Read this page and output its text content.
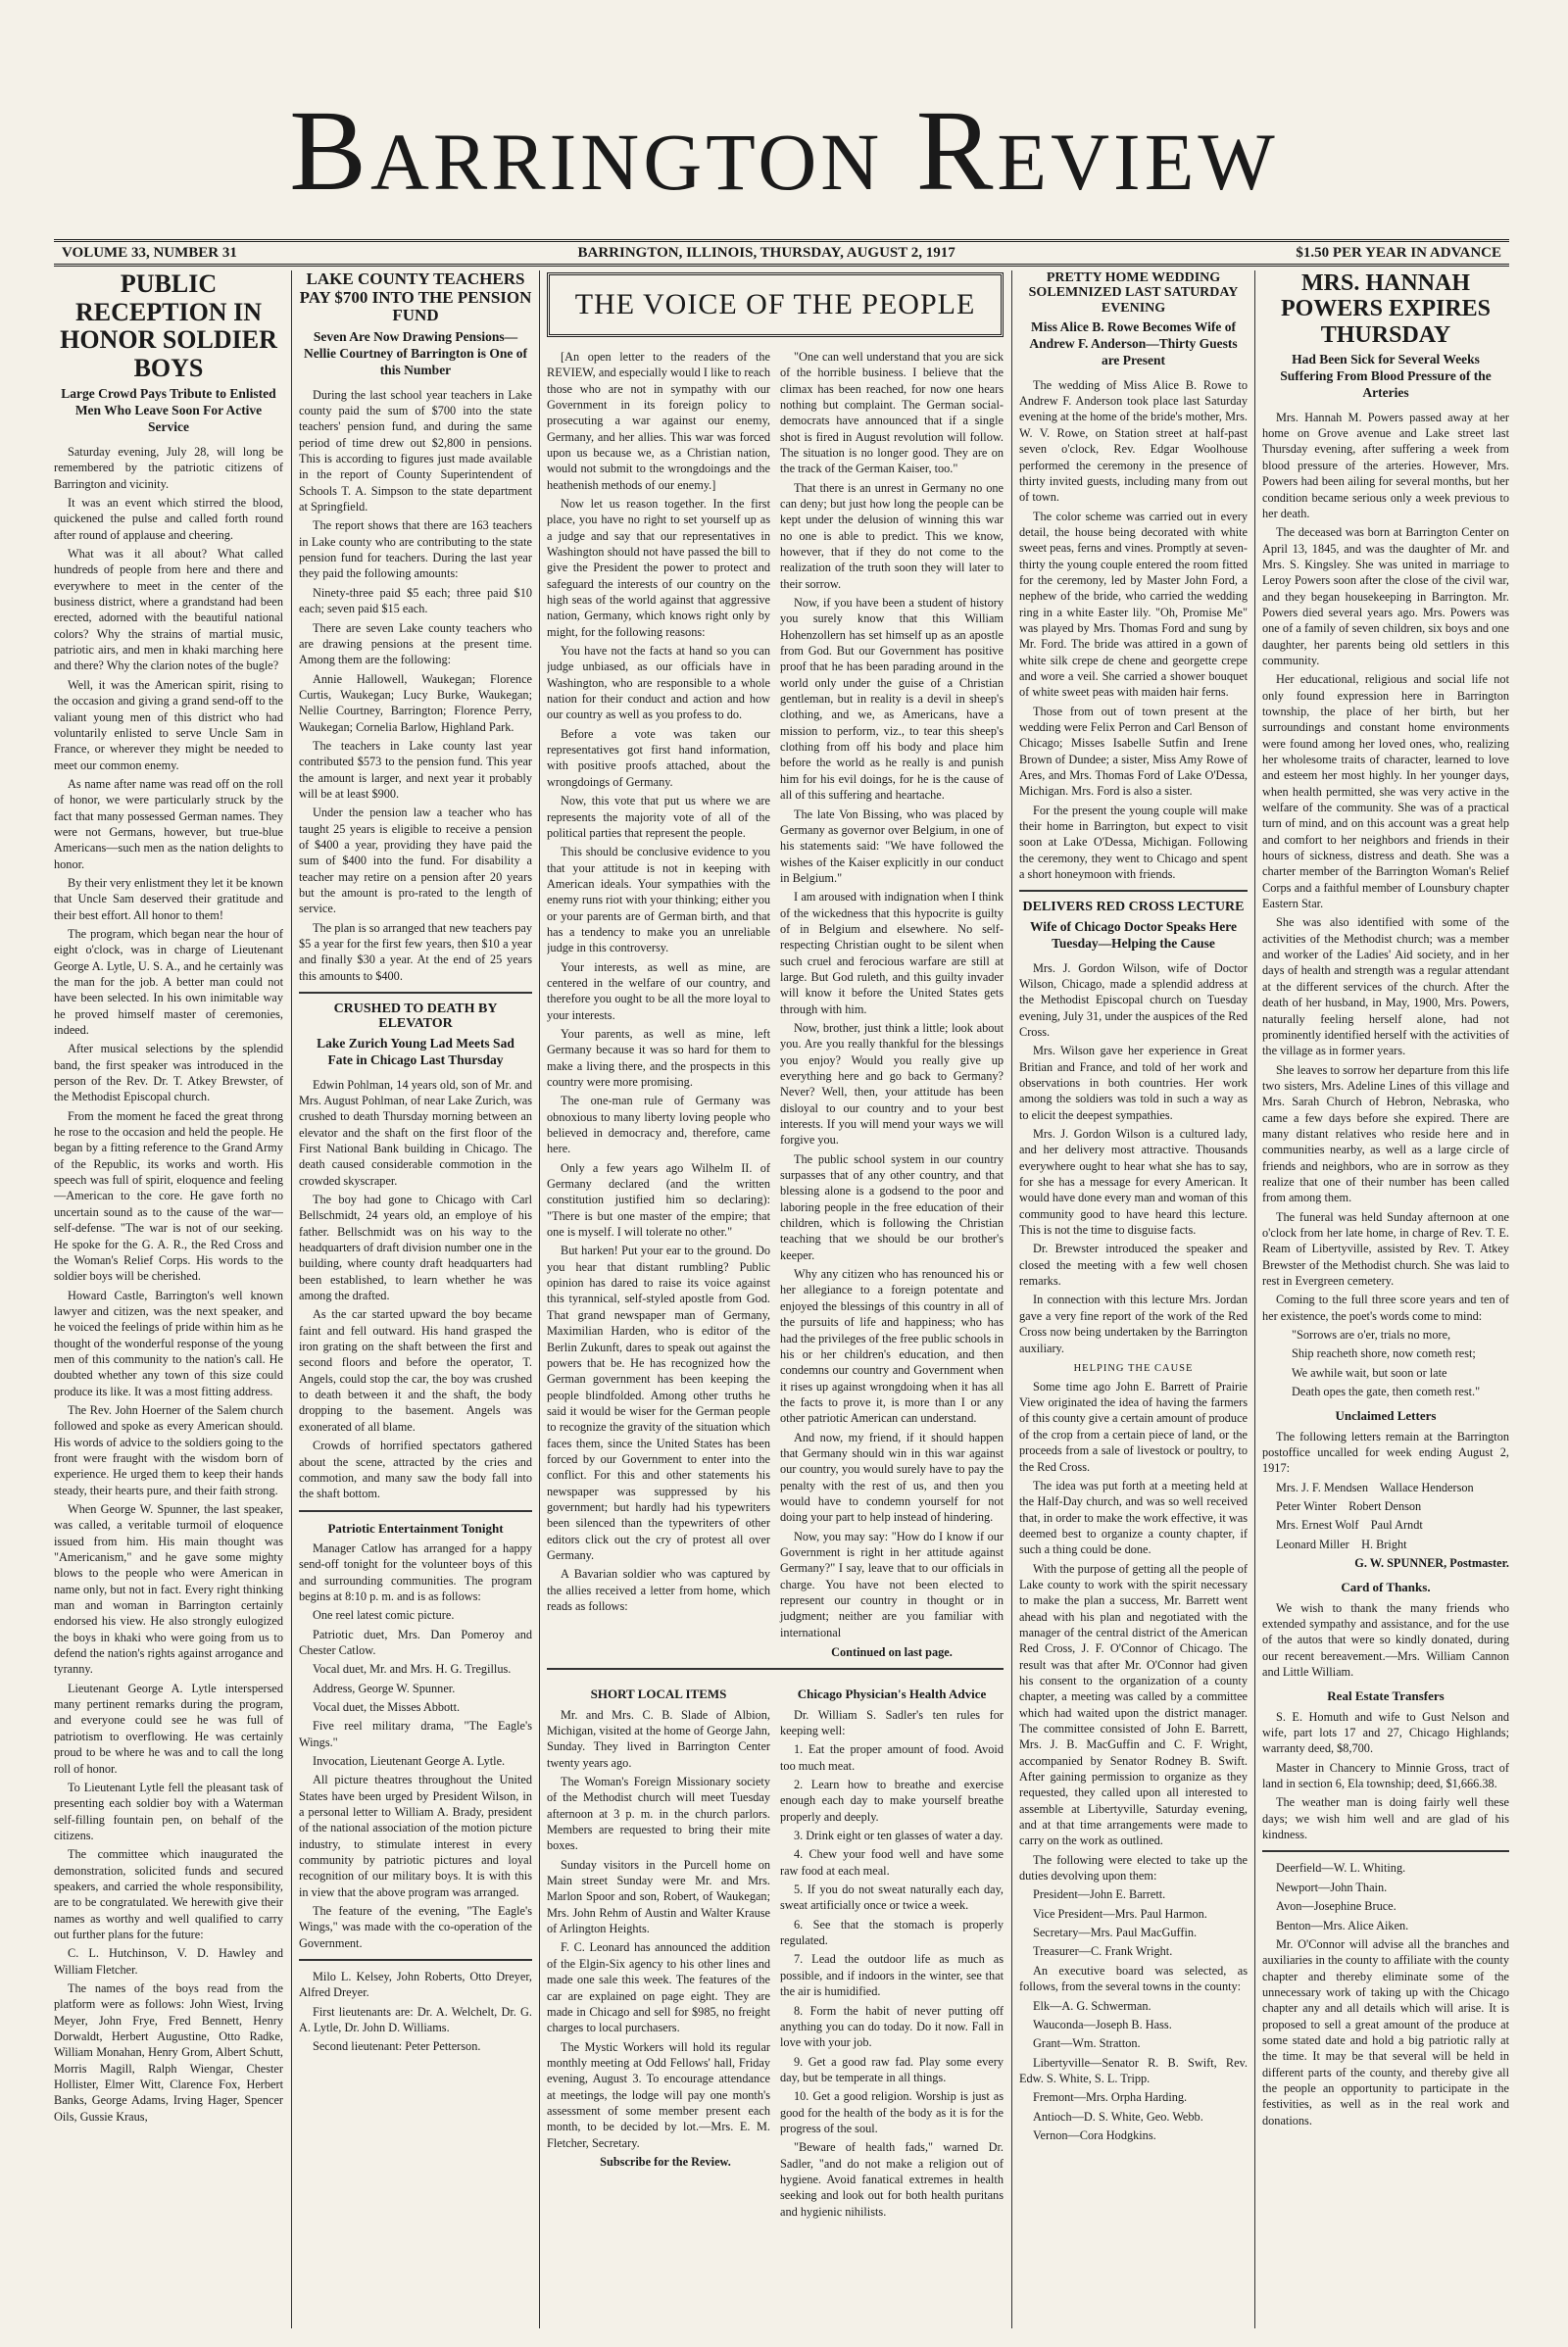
Barrington Review
VOLUME 33, NUMBER 31	BARRINGTON, ILLINOIS, THURSDAY, AUGUST 2, 1917	$1.50 PER YEAR IN ADVANCE
PUBLIC RECEPTION IN HONOR SOLDIER BOYS
Large Crowd Pays Tribute to Enlisted Men Who Leave Soon For Active Service

Saturday evening, July 28, will long be remembered by the patriotic citizens of Barrington and vicinity.

It was an event which stirred the blood, quickened the pulse and called forth round after round of applause and cheering.

What was it all about? What called hundreds of people from here and there and everywhere to meet in the center of the business district, where a grandstand had been erected, adorned with the beautiful national colors? Why the strains of martial music, patriotic airs, and men in khaki marching here and there? Why the clarion notes of the bugle?

Well, it was the American spirit, rising to the occasion and giving a grand send-off to the valiant young men of this district who had voluntarily enlisted to serve Uncle Sam in France, or wherever they might be needed to meet our common enemy.

As name after name was read off on the roll of honor, we were particularly struck by the fact that many possessed German names. They were not Germans, however, but true-blue Americans—such men as the nation delights to honor.

By their very enlistment they let it be known that Uncle Sam deserved their gratitude and their best effort. All honor to them!

The program, which began near the hour of eight o'clock, was in charge of Lieutenant George A. Lytle, U. S. A., and he certainly was the man for the job. A better man could not have been selected. In his own inimitable way he proved himself master of ceremonies, indeed.

After musical selections by the splendid band, the first speaker was introduced in the person of the Rev. Dr. T. Atkey Brewster, of the Methodist Episcopal church.

From the moment he faced the great throng he rose to the occasion and held the people. He began by a fitting reference to the Grand Army of the Republic, its works and worth. His speech was full of spirit, eloquence and feeling—American to the core. He gave forth no uncertain sound as to the cause of the war—self-defense. "The war is not of our seeking. He spoke for the G. A. R., the Red Cross and the Woman's Relief Corps. His words to the soldier boys will be cherished.

Howard Castle, Barrington's well known lawyer and citizen, was the next speaker, and he voiced the feelings of pride within him as he thought of the wonderful response of the young men of this community to the nation's call. He doubted whether any town of this size could produce its like. It was a most fitting address.

The Rev. John Hoerner of the Salem church followed and spoke as every American should. His words of advice to the soldiers going to the front were fraught with the wisdom born of experience. He urged them to keep their hands steady, their hearts pure, and their faith strong.

When George W. Spunner, the last speaker, was called, a veritable turmoil of eloquence issued from him. His main thought was "Americanism," and he gave some mighty blows to the people who were American in name only, but not in fact. Every right thinking man and woman in Barrington certainly endorsed his view. He also strongly eulogized the boys in khaki who were going from us to defend the nation's rights against arrogance and tyranny.

Lieutenant George A. Lytle interspersed many pertinent remarks during the program, and everyone could see he was full of patriotism to overflowing. He was certainly proud to be where he was and to call the long roll of honor.

To Lieutenant Lytle fell the pleasant task of presenting each soldier boy with a Waterman self-filling fountain pen, on behalf of the citizens.

The committee which inaugurated the demonstration, solicited funds and secured speakers, and carried the whole responsibility, are to be congratulated. We herewith give their names as worthy and well qualified to carry out further plans for the future:

C. L. Hutchinson, V. D. Hawley and William Fletcher.

The names of the boys read from the platform were as follows: John Wiest, Irving Meyer, John Frye, Fred Bennett, Henry Dorwaldt, Herbert Augustine, Otto Radke, William Monahan, Henry Grom, Albert Schutt, Morris Magill, Ralph Wiengar, Chester Hollister, Elmer Witt, Clarence Fox, Herbert Banks, George Adams, Irving Hager, Spencer Oils, Gussie Kraus,

LAKE COUNTY TEACHERS PAY $700 INTO THE PENSION FUND
Seven Are Now Drawing Pensions—Nellie Courtney of Barrington is One of this Number

During the last school year teachers in Lake county paid the sum of $700 into the state teachers' pension fund, and during the same period of time drew out $2,800 in pensions. This is according to figures just made available in the report of County Superintendent of Schools T. A. Simpson to the state department at Springfield.

The report shows that there are 163 teachers in Lake county who are contributing to the state pension fund for teachers. During the last year they paid the following amounts:

Ninety-three paid $5 each; three paid $10 each; seven paid $15 each.

There are seven Lake county teachers who are drawing pensions at the present time. Among them are the following:

Annie Hallowell, Waukegan; Florence Curtis, Waukegan; Lucy Burke, Waukegan; Nellie Courtney, Barrington; Florence Perry, Waukegan; Cornelia Barlow, Highland Park.

The teachers in Lake county last year contributed $573 to the pension fund. This year the amount is larger, and next year it probably will be at least $900.

Under the pension law a teacher who has taught 25 years is eligible to receive a pension of $400 a year, providing they have paid the sum of $400 into the fund. For disability a teacher may retire on a pension after 20 years but the amount is pro-rated to the length of service.

The plan is so arranged that new teachers pay $5 a year for the first few years, then $10 a year and finally $30 a year. At the end of 25 years this amounts to $400.

CRUSHED TO DEATH BY ELEVATOR
Lake Zurich Young Lad Meets Sad Fate in Chicago Last Thursday

Edwin Pohlman, 14 years old, son of Mr. and Mrs. August Pohlman, of near Lake Zurich, was crushed to death Thursday morning between an elevator and the shaft on the first floor of the First National Bank building in Chicago. The death caused considerable commotion in the crowded skyscraper.

The boy had gone to Chicago with Carl Bellschmidt, 24 years old, an employe of his father. Bellschmidt was on his way to the headquarters of draft division number one in the building, where county draft headquarters had been established, to learn whether he was among the drafted.

As the car started upward the boy became faint and fell outward. His hand grasped the iron grating on the shaft between the first and second floors and before the operator, T. Angels, could stop the car, the boy was crushed to death between it and the shaft, the body dropping to the basement. Angels was exonerated of all blame.

Crowds of horrified spectators gathered about the scene, attracted by the cries and commotion, and many saw the body fall into the shaft bottom.

Patriotic Entertainment Tonight

Manager Catlow has arranged for a happy send-off tonight for the volunteer boys of this and surrounding communities. The program begins at 8:10 p. m. and is as follows:

One reel latest comic picture.

Patriotic duet, Mrs. Dan Pomeroy and Chester Catlow.

Vocal duet, Mr. and Mrs. H. G. Tregillus.

Address, George W. Spunner.

Vocal duet, the Misses Abbott.

Five reel military drama, "The Eagle's Wings."

Invocation, Lieutenant George A. Lytle.

All picture theatres throughout the United States have been urged by President Wilson, in a personal letter to William A. Brady, president of the national association of the motion picture industry, to stimulate interest in every community by patriotic pictures and loyal recognition of our military boys. It is with this in view that the above program was arranged.

The feature of the evening, "The Eagle's Wings," was made with the co-operation of the Government.

Milo L. Kelsey, John Roberts, Otto Dreyer, Alfred Dreyer.

First lieutenants are: Dr. A. Welchelt, Dr. G. A. Lytle, Dr. John D. Williams.

Second lieutenant: Peter Petterson.

THE VOICE OF THE PEOPLE

[An open letter to the readers of the REVIEW, and especially would I like to reach those who are not in sympathy with our Government in its foreign policy to prosecuting a war against our enemy, Germany, and her allies. This war was forced upon us because we, as a Christian nation, would not submit to the wrongdoings and the heathenish methods of our enemy.]

Now let us reason together. In the first place, you have no right to set yourself up as a judge and say that our representatives in Washington should not have passed the bill to give the President the power to protect and safeguard the interests of our country on the high seas of the world against that aggressive nation, Germany, which knows right only by might, for the following reasons:

You have not the facts at hand so you can judge unbiased, as our officials have in Washington, who are responsible to a whole nation for their conduct and action and how our country as well as you profess to do.

Before a vote was taken our representatives got first hand information, with positive proofs attached, about the wrongdoings of Germany.

Now, this vote that put us where we are represents the majority vote of all of the political parties that represent the people.

This should be conclusive evidence to you that your attitude is not in keeping with American ideals. Your sympathies with the enemy runs riot with your thinking; either you or your parents are of German birth, and that has a tendency to make you an unreliable judge in this controversy.

Your interests, as well as mine, are centered in the welfare of our country, and therefore you ought to be all the more loyal to your interests.

Your parents, as well as mine, left Germany because it was so hard for them to make a living there, and the prospects in this country were more promising.

The one-man rule of Germany was obnoxious to many liberty loving people who believed in democracy and, therefore, came here.

Only a few years ago Wilhelm II. of Germany declared (and the written constitution justified him so declaring): "There is but one master of the empire; that one is myself. I will tolerate no other."

But harken! Put your ear to the ground. Do you hear that distant rumbling? Public opinion has dared to raise its voice against this tyrannical, self-styled apostle from God. That grand newspaper man of Germany, Maximilian Harden, who is editor of the Berlin Zukunft, dares to speak out against the powers that be. He has recognized how the German government has been keeping the people blindfolded. Among other truths he said it would be wiser for the German people to recognize the gravity of the situation which faces them, since the United States has been forced by our Government to enter into the conflict. For this and other statements his newspaper was suppressed by his government; but hardly had his typewriters been silenced than the typewriters of other editors click out the cry of protest all over Germany.

A Bavarian soldier who was captured by the allies received a letter from home, which reads as follows:

"One can well understand that you are sick of the horrible business. I believe that the climax has been reached, for now one hears nothing but complaint. The German social-democrats have announced that if a single shot is fired in August revolution will follow. The situation is no longer good. They are on the track of the German Kaiser, too."

That there is an unrest in Germany no one can deny; but just how long the people can be kept under the delusion of winning this war no one is able to predict. This we know, however, that if they do not come to the realization of the truth soon they will later to their sorrow.

Now, if you have been a student of history you surely know that this William Hohenzollern has set himself up as an apostle from God. But our Government has positive proof that he has been parading around in the world only under the guise of a Christian gentleman, but in reality is a devil in sheep's clothing, and we, as Americans, have a mission to perform, viz., to tear this sheep's clothing from off his body and place him before the world as he really is and punish him for his evil doings, for he is the cause of all of this suffering and heartache.

The late Von Bissing, who was placed by Germany as governor over Belgium, in one of his statements said: "We have followed the wishes of the Kaiser explicitly in our conduct in Belgium."

I am aroused with indignation when I think of the wickedness that this hypocrite is guilty of in Belgium and elsewhere. No self-respecting Christian ought to be silent when such cruel and ferocious warfare are still at large. But God ruleth, and this guilty invader will know it before the United States gets through with him.

Now, brother, just think a little; look about you. Are you really thankful for the blessings you enjoy? Would you really give up everything here and go back to Germany? Never? Well, then, your attitude has been disloyal to our country and to your best interests. If you will mend your ways we will forgive you.

The public school system in our country surpasses that of any other country, and that blessing alone is a godsend to the poor and laboring people in the free education of their children, which is following the Christian teaching that we should be our brother's keeper.

Why any citizen who has renounced his or her allegiance to a foreign potentate and enjoyed the blessings of this country in all of the pursuits of life and happiness; who has had the privileges of the free public schools in his or her children's education, and then condemns our country and Government when it rises up against wrongdoing when it has all the facts to prove it, is more than I or any other patriotic American can understand.

And now, my friend, if it should happen that Germany should win in this war against our country, you would surely have to pay the penalty with the rest of us, and then you would have to condemn yourself for not doing your part to help instead of hindering.

Now, you may say: "How do I know if our Government is right in her attitude against Germany?" I say, leave that to our officials in charge. You have not been elected to represent our country in thought or in judgment; neither are you familiar with international

Continued on last page.
SHORT LOCAL ITEMS

Mr. and Mrs. C. B. Slade of Albion, Michigan, visited at the home of George Jahn, Sunday. They lived in Barrington Center twenty years ago.

The Woman's Foreign Missionary society of the Methodist church will meet Tuesday afternoon at 3 p. m. in the church parlors. Members are requested to bring their mite boxes.

Sunday visitors in the Purcell home on Main street Sunday were Mr. and Mrs. Marlon Spoor and son, Robert, of Waukegan; Mrs. John Rehm of Austin and Walter Krause of Arlington Heights.

F. C. Leonard has announced the addition of the Elgin-Six agency to his other lines and made one sale this week. The features of the car are explained on page eight. They are made in Chicago and sell for $985, no freight charges to local purchasers.

The Mystic Workers will hold its regular monthly meeting at Odd Fellows' hall, Friday evening, August 3. To encourage attendance at meetings, the lodge will pay one month's assessment of some member present each month, to be decided by lot.—Mrs. E. M. Fletcher, Secretary.

Subscribe for the Review.

Chicago Physician's Health Advice

Dr. William S. Sadler's ten rules for keeping well:

1. Eat the proper amount of food. Avoid too much meat.

2. Learn how to breathe and exercise enough each day to make yourself breathe properly and deeply.

3. Drink eight or ten glasses of water a day.

4. Chew your food well and have some raw food at each meal.

5. If you do not sweat naturally each day, sweat artificially once or twice a week.

6. See that the stomach is properly regulated.

7. Lead the outdoor life as much as possible, and if indoors in the winter, see that the air is humidified.

8. Form the habit of never putting off anything you can do today. Do it now. Fall in love with your job.

9. Get a good raw fad. Play some every day, but be temperate in all things.

10. Get a good religion. Worship is just as good for the health of the body as it is for the progress of the soul.

"Beware of health fads," warned Dr. Sadler, "and do not make a religion out of hygiene. Avoid fanatical extremes in health seeking and look out for both health puritans and hygienic nihilists.

PRETTY HOME WEDDING SOLEMNIZED LAST SATURDAY EVENING
Miss Alice B. Rowe Becomes Wife of Andrew F. Anderson—Thirty Guests are Present

The wedding of Miss Alice B. Rowe to Andrew F. Anderson took place last Saturday evening at the home of the bride's mother, Mrs. W. V. Rowe, on Station street at half-past seven o'clock, Rev. Edgar Woolhouse performed the ceremony in the presence of thirty invited guests, including many from out of town.

The color scheme was carried out in every detail, the house being decorated with white sweet peas, ferns and vines. Promptly at seven-thirty the young couple entered the room fitted for the ceremony, led by Master John Ford, a nephew of the bride, who carried the wedding ring in a white Easter lily. "Oh, Promise Me" was played by Mrs. Thomas Ford and sung by Mr. Ford. The bride was attired in a gown of white silk crepe de chene and georgette crepe and wore a veil. She carried a shower bouquet of white sweet peas with maiden hair ferns.

Those from out of town present at the wedding were Felix Perron and Carl Benson of Chicago; Misses Isabelle Sutfin and Irene Brown of Dundee; a sister, Miss Amy Rowe of Ares, and Mrs. Thomas Ford of Lake O'Dessa, Michigan. Mrs. Ford is also a sister.

For the present the young couple will make their home in Barrington, but expect to visit soon at Lake O'Dessa, Michigan. Following the ceremony, they went to Chicago and spent a short honeymoon with friends.

DELIVERS RED CROSS LECTURE
Wife of Chicago Doctor Speaks Here Tuesday—Helping the Cause

Mrs. J. Gordon Wilson, wife of Doctor Wilson, Chicago, made a splendid address at the Methodist Episcopal church on Tuesday evening, July 31, under the auspices of the Red Cross.

Mrs. Wilson gave her experience in Great Britian and France, and told of her work and observations in both countries. Her work among the soldiers was told in such a way as to elicit the deepest sympathies.

Mrs. J. Gordon Wilson is a cultured lady, and her delivery most attractive. Thousands everywhere ought to hear what she has to say, for she has a message for every American. It would have done every man and woman of this community good to have heard this lecture. This is not the time to disguise facts.

Dr. Brewster introduced the speaker and closed the meeting with a few well chosen remarks.

In connection with this lecture Mrs. Jordan gave a very fine report of the work of the Red Cross now being undertaken by the Barrington auxiliary.

HELPING THE CAUSE

Some time ago John E. Barrett of Prairie View originated the idea of having the farmers of this county give a certain amount of produce of the crop from a certain piece of land, or the proceeds from a sale of livestock or poultry, to the Red Cross.

The idea was put forth at a meeting held at the Half-Day church, and was so well received that, in order to make the work effective, it was deemed best to organize a county chapter, if such a thing could be done.

With the purpose of getting all the people of Lake county to work with the spirit necessary to make the plan a success, Mr. Barrett went ahead with his plan and negotiated with the manager of the central district of the American Red Cross, J. F. O'Connor of Chicago. The result was that after Mr. O'Connor had given his consent to the organization of a county chapter, a meeting was called by a committee which had waited upon the district manager. The committee consisted of John E. Barrett, Mrs. J. B. MacGuffin and C. F. Wright, accompanied by Senator Rodney B. Swift. After gaining permission to organize as they requested, they called upon all interested to assemble at Libertyville, Saturday evening, and at that time arrangements were made to carry on the work as outlined.

The following were elected to take up the duties devolving upon them:

President—John E. Barrett.

Vice President—Mrs. Paul Harmon.

Secretary—Mrs. Paul MacGuffin.

Treasurer—C. Frank Wright.

An executive board was selected, as follows, from the several towns in the county:

Elk—A. G. Schwerman.

Wauconda—Joseph B. Hass.

Grant—Wm. Stratton.

Libertyville—Senator R. B. Swift, Rev. Edw. S. White, S. L. Tripp.

Fremont—Mrs. Orpha Harding.

Antioch—D. S. White, Geo. Webb.

Vernon—Cora Hodgkins.

MRS. HANNAH POWERS EXPIRES THURSDAY
Had Been Sick for Several Weeks Suffering From Blood Pressure of the Arteries

Mrs. Hannah M. Powers passed away at her home on Grove avenue and Lake street last Thursday evening, after suffering a week from blood pressure of the arteries. However, Mrs. Powers had been ailing for several months, but her condition became serious only a week previous to her death.

The deceased was born at Barrington Center on April 13, 1845, and was the daughter of Mr. and Mrs. S. Kingsley. She was united in marriage to Leroy Powers soon after the close of the civil war, and they began housekeeping in Barrington. Mr. Powers died several years ago. Mrs. Powers was one of a family of seven children, six boys and one daughter, her parents being old settlers in this community.

Her educational, religious and social life not only found expression here in Barrington township, the place of her birth, but her surroundings and constant home environments were found among her loved ones, who, realizing her wholesome traits of character, learned to love and esteem her most highly. In her younger days, when health permitted, she was very active in the welfare of the community. She was of a practical turn of mind, and on this account was a great help and comfort to her neighbors and friends in their hours of sickness, distress and death. She was a charter member of the Barrington Woman's Relief Corps and a faithful member of Lounsbury chapter Eastern Star.

She was also identified with some of the activities of the Methodist church; was a member and worker of the Ladies' Aid society, and in her days of health and strength was a regular attendant at the different services of the church. After the death of her husband, in May, 1900, Mrs. Powers, naturally feeling herself alone, had not prominently identified herself with the activities of the village as in former years.

She leaves to sorrow her departure from this life two sisters, Mrs. Adeline Lines of this village and Mrs. Sarah Church of Hebron, Nebraska, who came a few days before she expired. There are many distant relatives who reside here and in communities nearby, as well as a large circle of friends and neighbors, who are in sorrow as they realize that one of their number has been called from among them.

The funeral was held Sunday afternoon at one o'clock from her late home, in charge of Rev. T. E. Ream of Libertyville, assisted by Rev. T. Atkey Brewster of the Methodist church. She was laid to rest in Evergreen cemetery.

Coming to the full three score years and ten of her existence, the poet's words come to mind:

"Sorrows are o'er, trials no more,

Ship reacheth shore, now cometh rest;

We awhile wait, but soon or late

Death opes the gate, then cometh rest."

Unclaimed Letters

The following letters remain at the Barrington postoffice uncalled for week ending August 2, 1917:

Mrs. J. F. Mendsen    Wallace Henderson

Peter Winter    Robert Denson

Mrs. Ernest Wolf    Paul Arndt

Leonard Miller    H. Bright

G. W. SPUNNER, Postmaster.

Card of Thanks.

We wish to thank the many friends who extended sympathy and assistance, and for the use of the autos that were so kindly donated, during our recent bereavement.—Mrs. William Cannon and Little William.

Real Estate Transfers

S. E. Homuth and wife to Gust Nelson and wife, part lots 17 and 27, Chicago Highlands; warranty deed, $8,700.

Master in Chancery to Minnie Gross, tract of land in section 6, Ela township; deed, $1,666.38.

The weather man is doing fairly well these days; we wish him well and are glad of his kindness.

Deerfield—W. L. Whiting.

Newport—John Thain.

Avon—Josephine Bruce.

Benton—Mrs. Alice Aiken.

Mr. O'Connor will advise all the branches and auxiliaries in the county to affiliate with the county chapter and thereby eliminate some of the unnecessary work of taking up with the Chicago chapter any and all details which will arise. It is proposed to sell a great amount of the produce at some stated date and hold a big patriotic rally at the time. It may be that several will be held in different parts of the county, and thereby give all the people an opportunity to participate in the festivities, as well as in the real work and donations.
